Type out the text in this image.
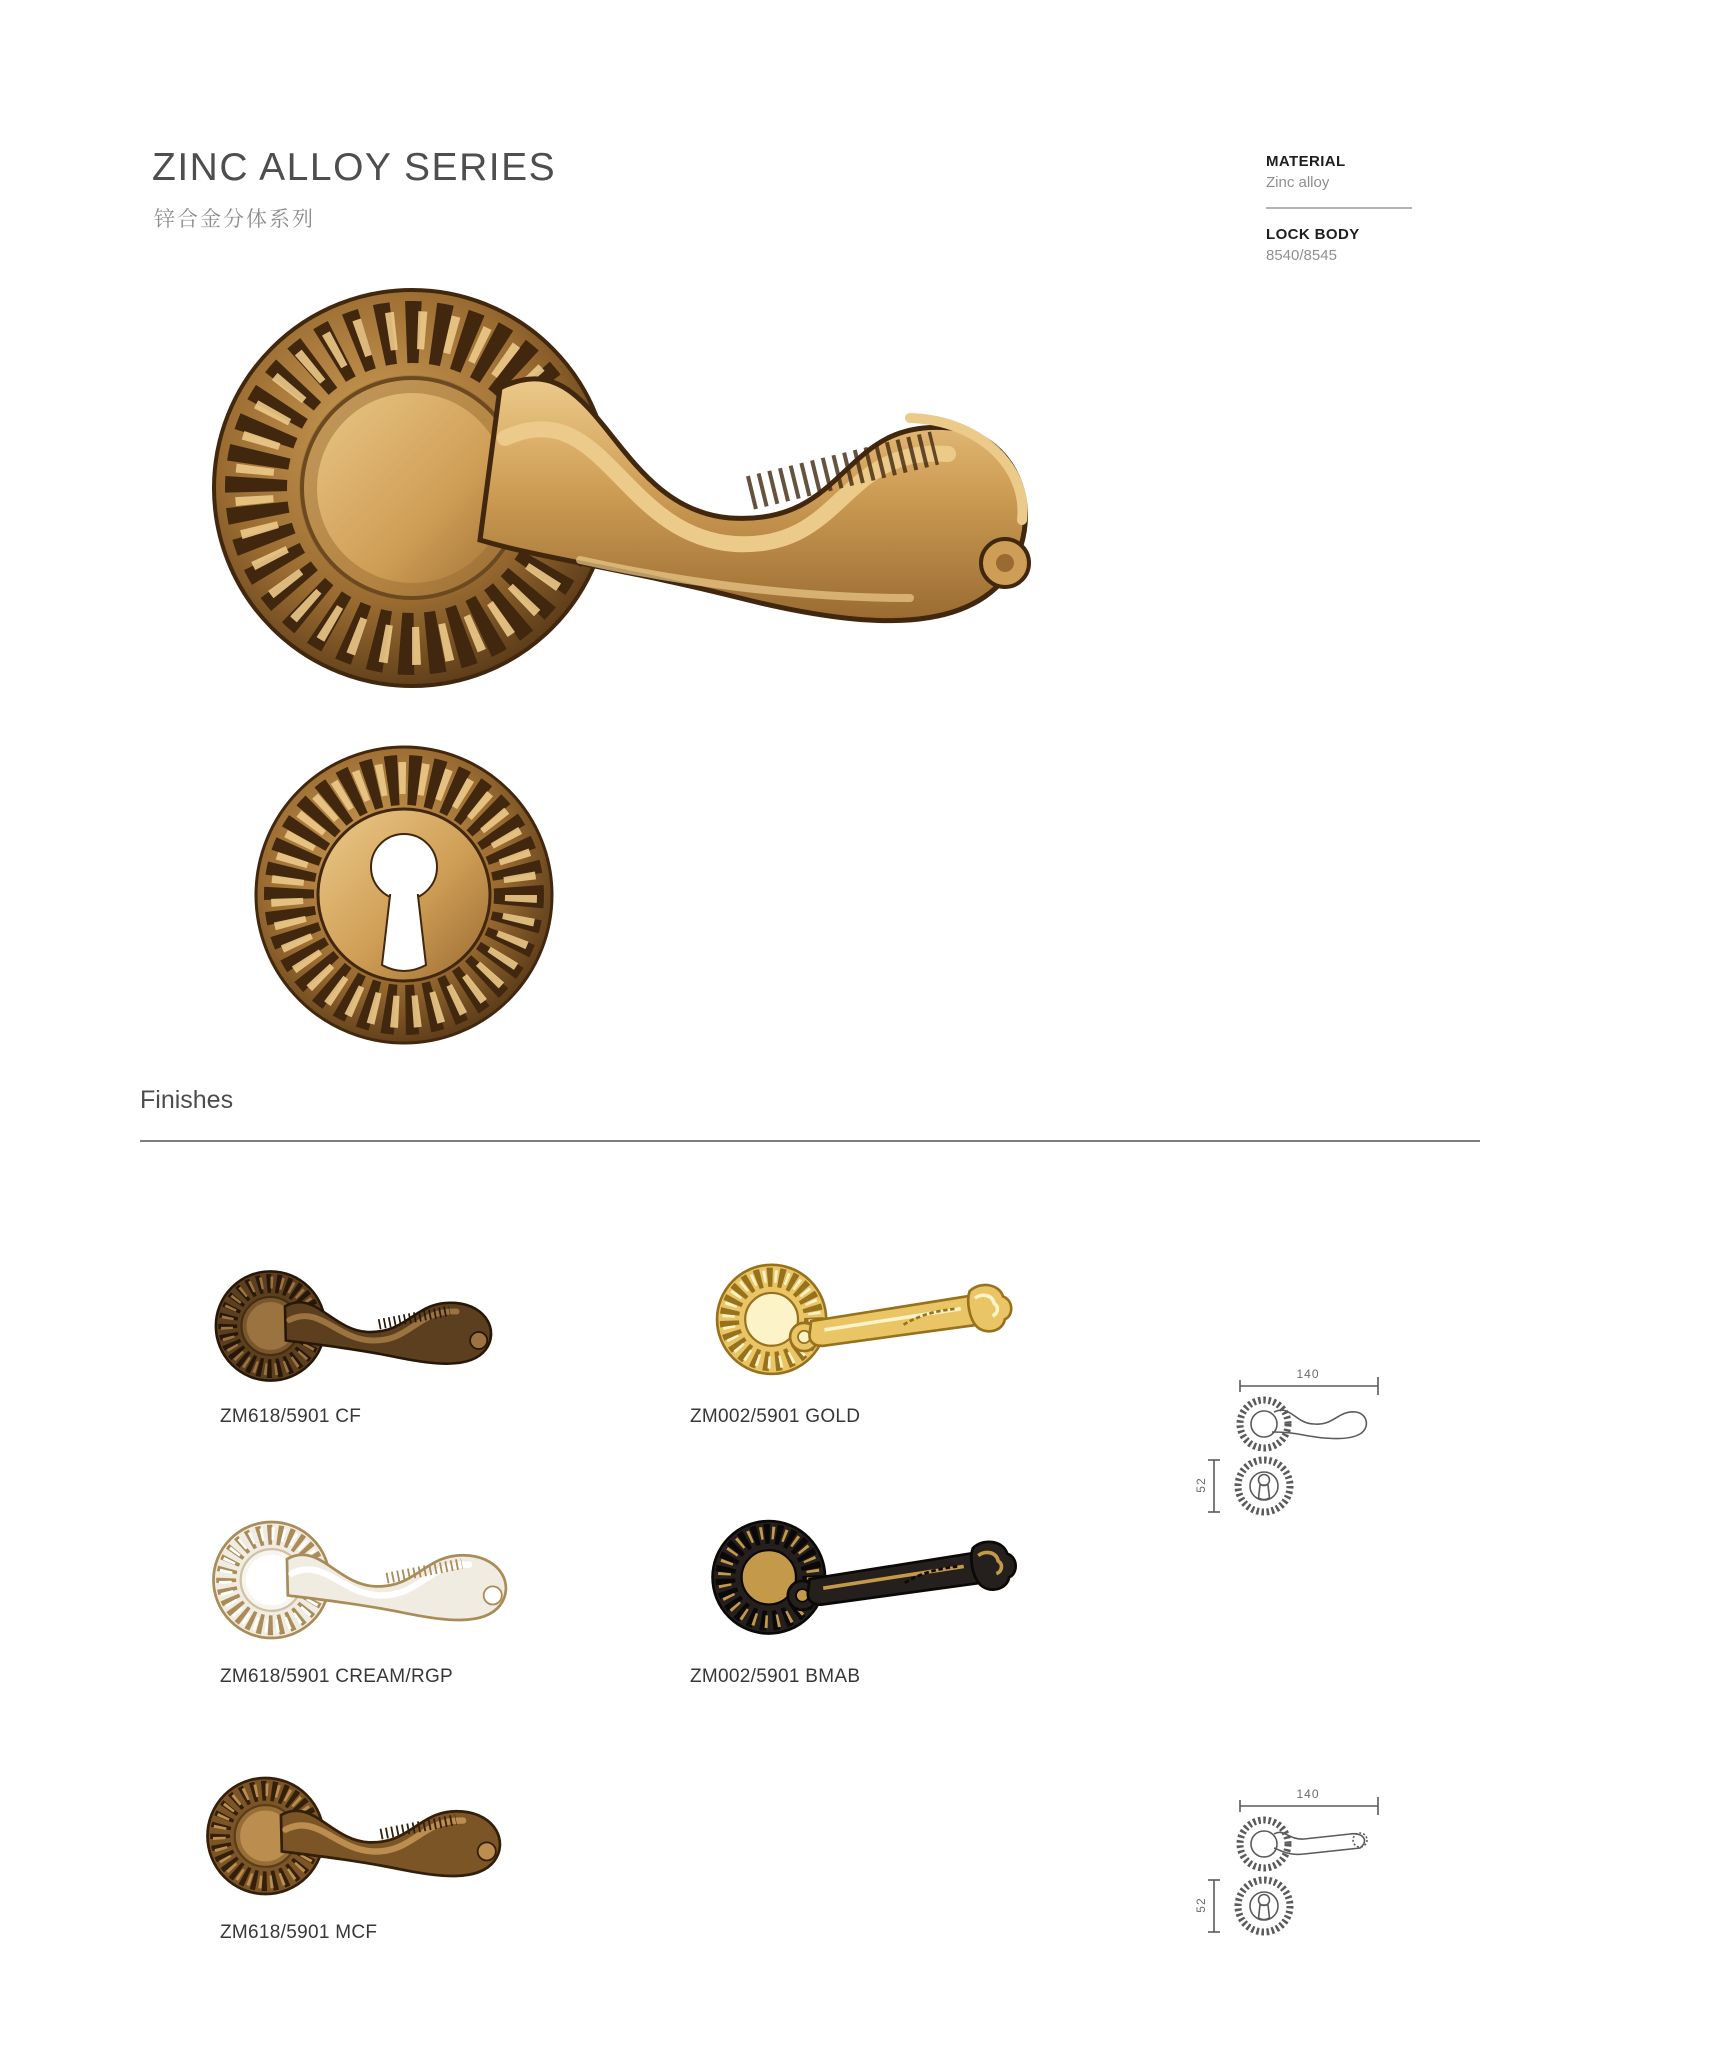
ZINC ALLOY SERIES
锌合金分体系列
MATERIAL
Zinc alloy
LOCK BODY
8540/8545
Finishes
ZM618/5901 CF	ZM002/5901 GOLD
ZM618/5901 CREAM/RGP	ZM002/5901 BMAB
ZM618/5901 MCF
140
52
140
52
